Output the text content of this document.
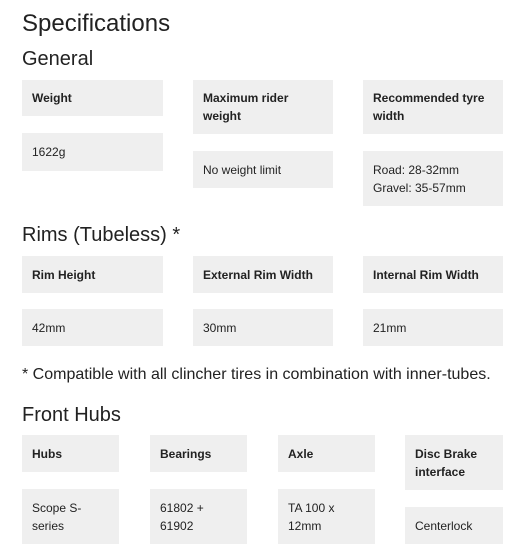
Specifications
General
Weight
1622g
Maximum rider weight
No weight limit
Recommended tyre width
Road: 28-32mm
Gravel: 35-57mm
Rims (Tubeless) *
Rim Height
42mm
External Rim Width
30mm
Internal Rim Width
21mm
* Compatible with all clincher tires in combination with inner-tubes.
Front Hubs
Hubs
Scope S-series
Bearings
61802 + 61902
Axle
TA 100 x 12mm
Disc Brake interface
Centerlock
